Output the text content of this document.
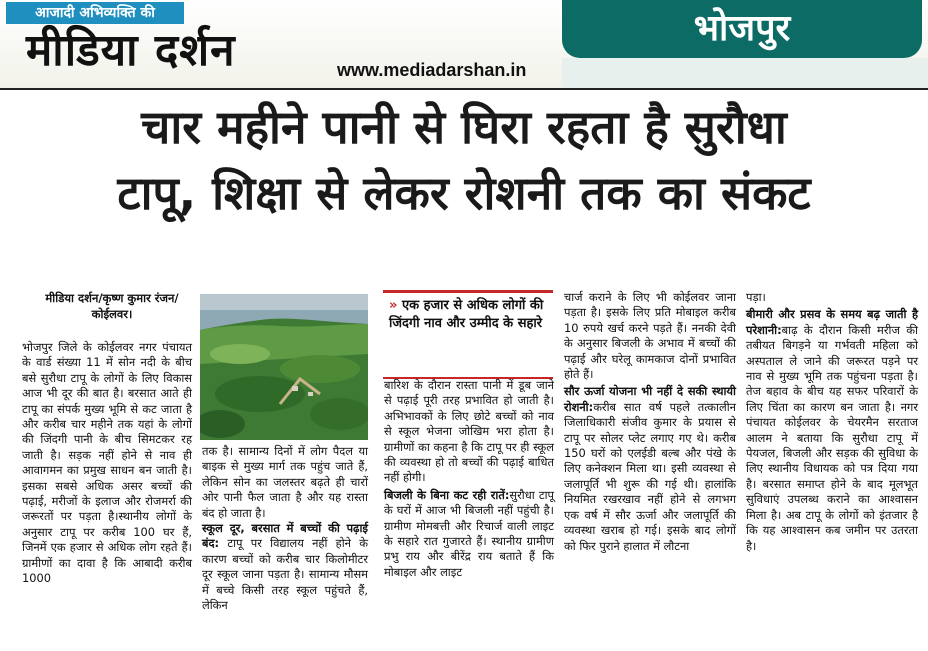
आजादी अभिव्यक्ति की
मीडिया दर्शन	www.mediadarshan.in
भोजपुर
चार महीने पानी से घिरा रहता है सुरौधा
टापू, शिक्षा से लेकर रोशनी तक का संकट
मीडिया दर्शन/कृष्ण कुमार रंजन/
कोईलवर।

भोजपुर जिले के कोईलवर नगर पंचायत के वार्ड संख्या 11 में सोन नदी के बीच बसे सुरौधा टापू के लोगों के लिए विकास आज भी दूर की बात है। बरसात आते ही टापू का संपर्क मुख्य भूमि से कट जाता है और करीब चार महीने तक यहां के लोगों की जिंदगी पानी के बीच सिमटकर रह जाती है। सड़क नहीं होने से नाव ही आवागमन का प्रमुख साधन बन जाती है। इसका सबसे अधिक असर बच्चों की पढ़ाई, मरीजों के इलाज और रोजमर्रा की जरूरतों पर पड़ता है।स्थानीय लोगों के अनुसार टापू पर करीब 100 घर हैं, जिनमें एक हजार से अधिक लोग रहते हैं। ग्रामीणों का दावा है कि आबादी करीब 1000

तक है। सामान्य दिनों में लोग पैदल या बाइक से मुख्य मार्ग तक पहुंच जाते हैं, लेकिन सोन का जलस्तर बढ़ते ही चारों ओर पानी फैल जाता है और यह रास्ता बंद हो जाता है।

स्कूल दूर, बरसात में बच्चों की पढ़ाई बंद: टापू पर विद्यालय नहीं होने के कारण बच्चों को करीब चार किलोमीटर दूर स्कूल जाना पड़ता है। सामान्य मौसम में बच्चे किसी तरह स्कूल पहुंचते हैं, लेकिन

» एक हजार से अधिक लोगों की जिंदगी नाव और उम्मीद के सहारे

बारिश के दौरान रास्ता पानी में डूब जाने से पढ़ाई पूरी तरह प्रभावित हो जाती है। अभिभावकों के लिए छोटे बच्चों को नाव से स्कूल भेजना जोखिम भरा होता है। ग्रामीणों का कहना है कि टापू पर ही स्कूल की व्यवस्था हो तो बच्चों की पढ़ाई बाधित नहीं होगी।

बिजली के बिना कट रही रातें:सुरौधा टापू के घरों में आज भी बिजली नहीं पहुंची है। ग्रामीण मोमबत्ती और रिचार्ज वाली लाइट के सहारे रात गुजारते हैं। स्थानीय ग्रामीण प्रभु राय और बीरेंद्र राय बताते हैं कि मोबाइल और लाइट

चार्ज कराने के लिए भी कोईलवर जाना पड़ता है। इसके लिए प्रति मोबाइल करीब 10 रुपये खर्च करने पड़ते हैं। ननकी देवी के अनुसार बिजली के अभाव में बच्चों की पढ़ाई और घरेलू कामकाज दोनों प्रभावित होते हैं।

सौर ऊर्जा योजना भी नहीं दे सकी स्थायी रोशनी:करीब सात वर्ष पहले तत्कालीन जिलाधिकारी संजीव कुमार के प्रयास से टापू पर सोलर प्लेट लगाए गए थे। करीब 150 घरों को एलईडी बल्ब और पंखे के लिए कनेक्शन मिला था। इसी व्यवस्था से जलापूर्ति भी शुरू की गई थी। हालांकि नियमित रखरखाव नहीं होने से लगभग एक वर्ष में सौर ऊर्जा और जलापूर्ति की व्यवस्था खराब हो गई। इसके बाद लोगों को फिर पुराने हालात में लौटना

पड़ा।

बीमारी और प्रसव के समय बढ़ जाती है परेशानी:बाढ़ के दौरान किसी मरीज की तबीयत बिगड़ने या गर्भवती महिला को अस्पताल ले जाने की जरूरत पड़ने पर नाव से मुख्य भूमि तक पहुंचना पड़ता है। तेज बहाव के बीच यह सफर परिवारों के लिए चिंता का कारण बन जाता है। नगर पंचायत कोईलवर के चेयरमैन सरताज आलम ने बताया कि सुरौधा टापू में पेयजल, बिजली और सड़क की सुविधा के लिए स्थानीय विधायक को पत्र दिया गया है। बरसात समाप्त होने के बाद मूलभूत सुविधाएं उपलब्ध कराने का आश्वासन मिला है। अब टापू के लोगों को इंतजार है कि यह आश्वासन कब जमीन पर उतरता है।
